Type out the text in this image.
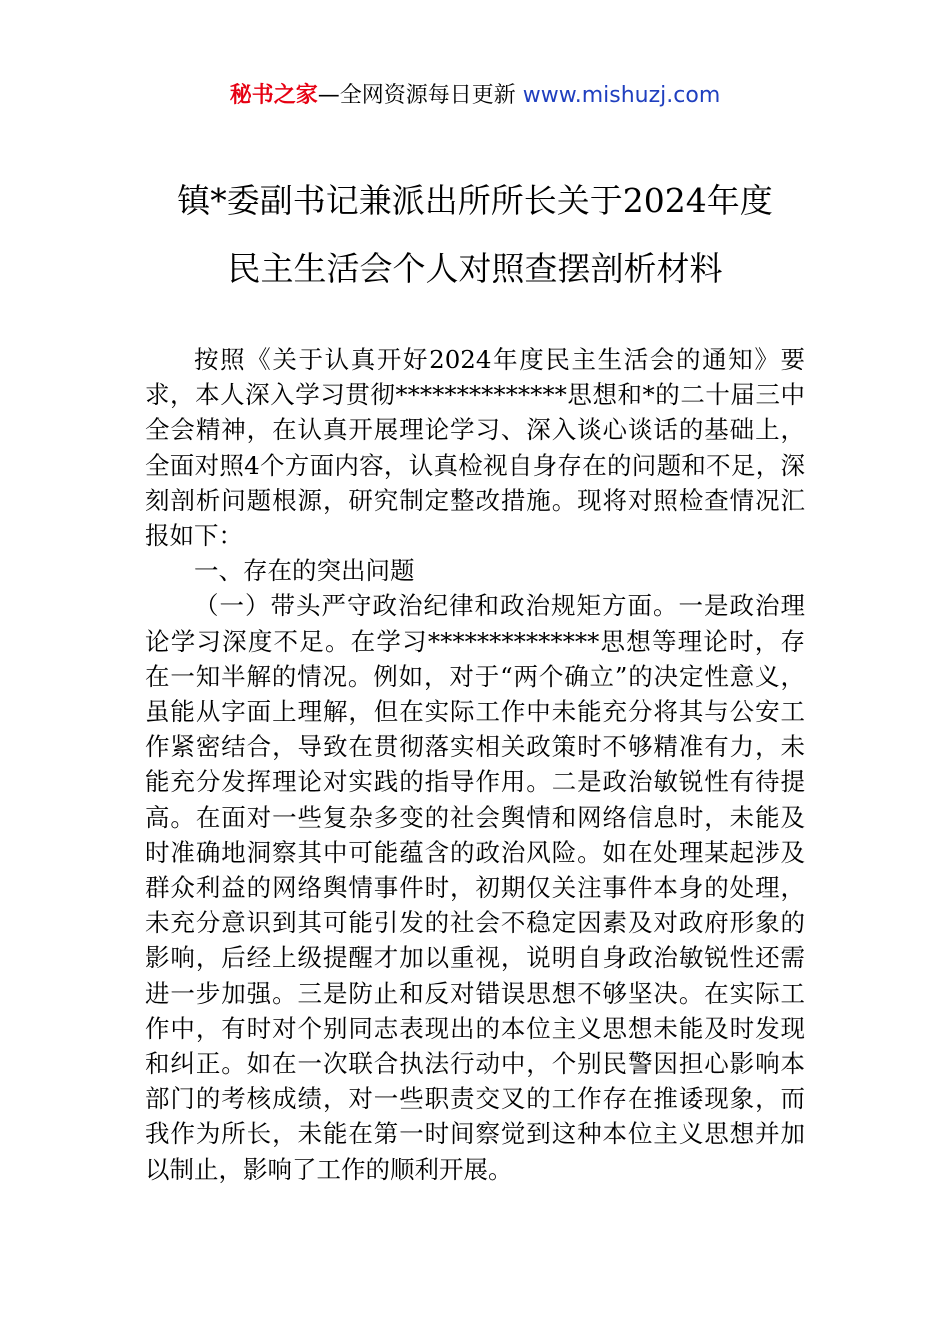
秘书之家—全网资源每日更新 www.mishuzj.com
镇*委副书记兼派出所所长关于2024年度
民主生活会个人对照查摆剖析材料

按照《关于认真开好2024年度民主生活会的通知》要求，本人深入学习贯彻**************思想和*的二十届三中全会精神，在认真开展理论学习、深入谈心谈话的基础上，全面对照4个方面内容，认真检视自身存在的问题和不足，深刻剖析问题根源，研究制定整改措施。现将对照检查情况汇报如下：

一、存在的突出问题

（一）带头严守政治纪律和政治规矩方面。一是政治理论学习深度不足。在学习**************思想等理论时，存在一知半解的情况。例如，对于“两个确立”的决定性意义，虽能从字面上理解，但在实际工作中未能充分将其与公安工作紧密结合，导致在贯彻落实相关政策时不够精准有力，未能充分发挥理论对实践的指导作用。二是政治敏锐性有待提高。在面对一些复杂多变的社会舆情和网络信息时，未能及时准确地洞察其中可能蕴含的政治风险。如在处理某起涉及群众利益的网络舆情事件时，初期仅关注事件本身的处理，未充分意识到其可能引发的社会不稳定因素及对政府形象的影响，后经上级提醒才加以重视，说明自身政治敏锐性还需进一步加强。三是防止和反对错误思想不够坚决。在实际工作中，有时对个别同志表现出的本位主义思想未能及时发现和纠正。如在一次联合执法行动中，个别民警因担心影响本部门的考核成绩，对一些职责交叉的工作存在推诿现象，而我作为所长，未能在第一时间察觉到这种本位主义思想并加以制止，影响了工作的顺利开展。
